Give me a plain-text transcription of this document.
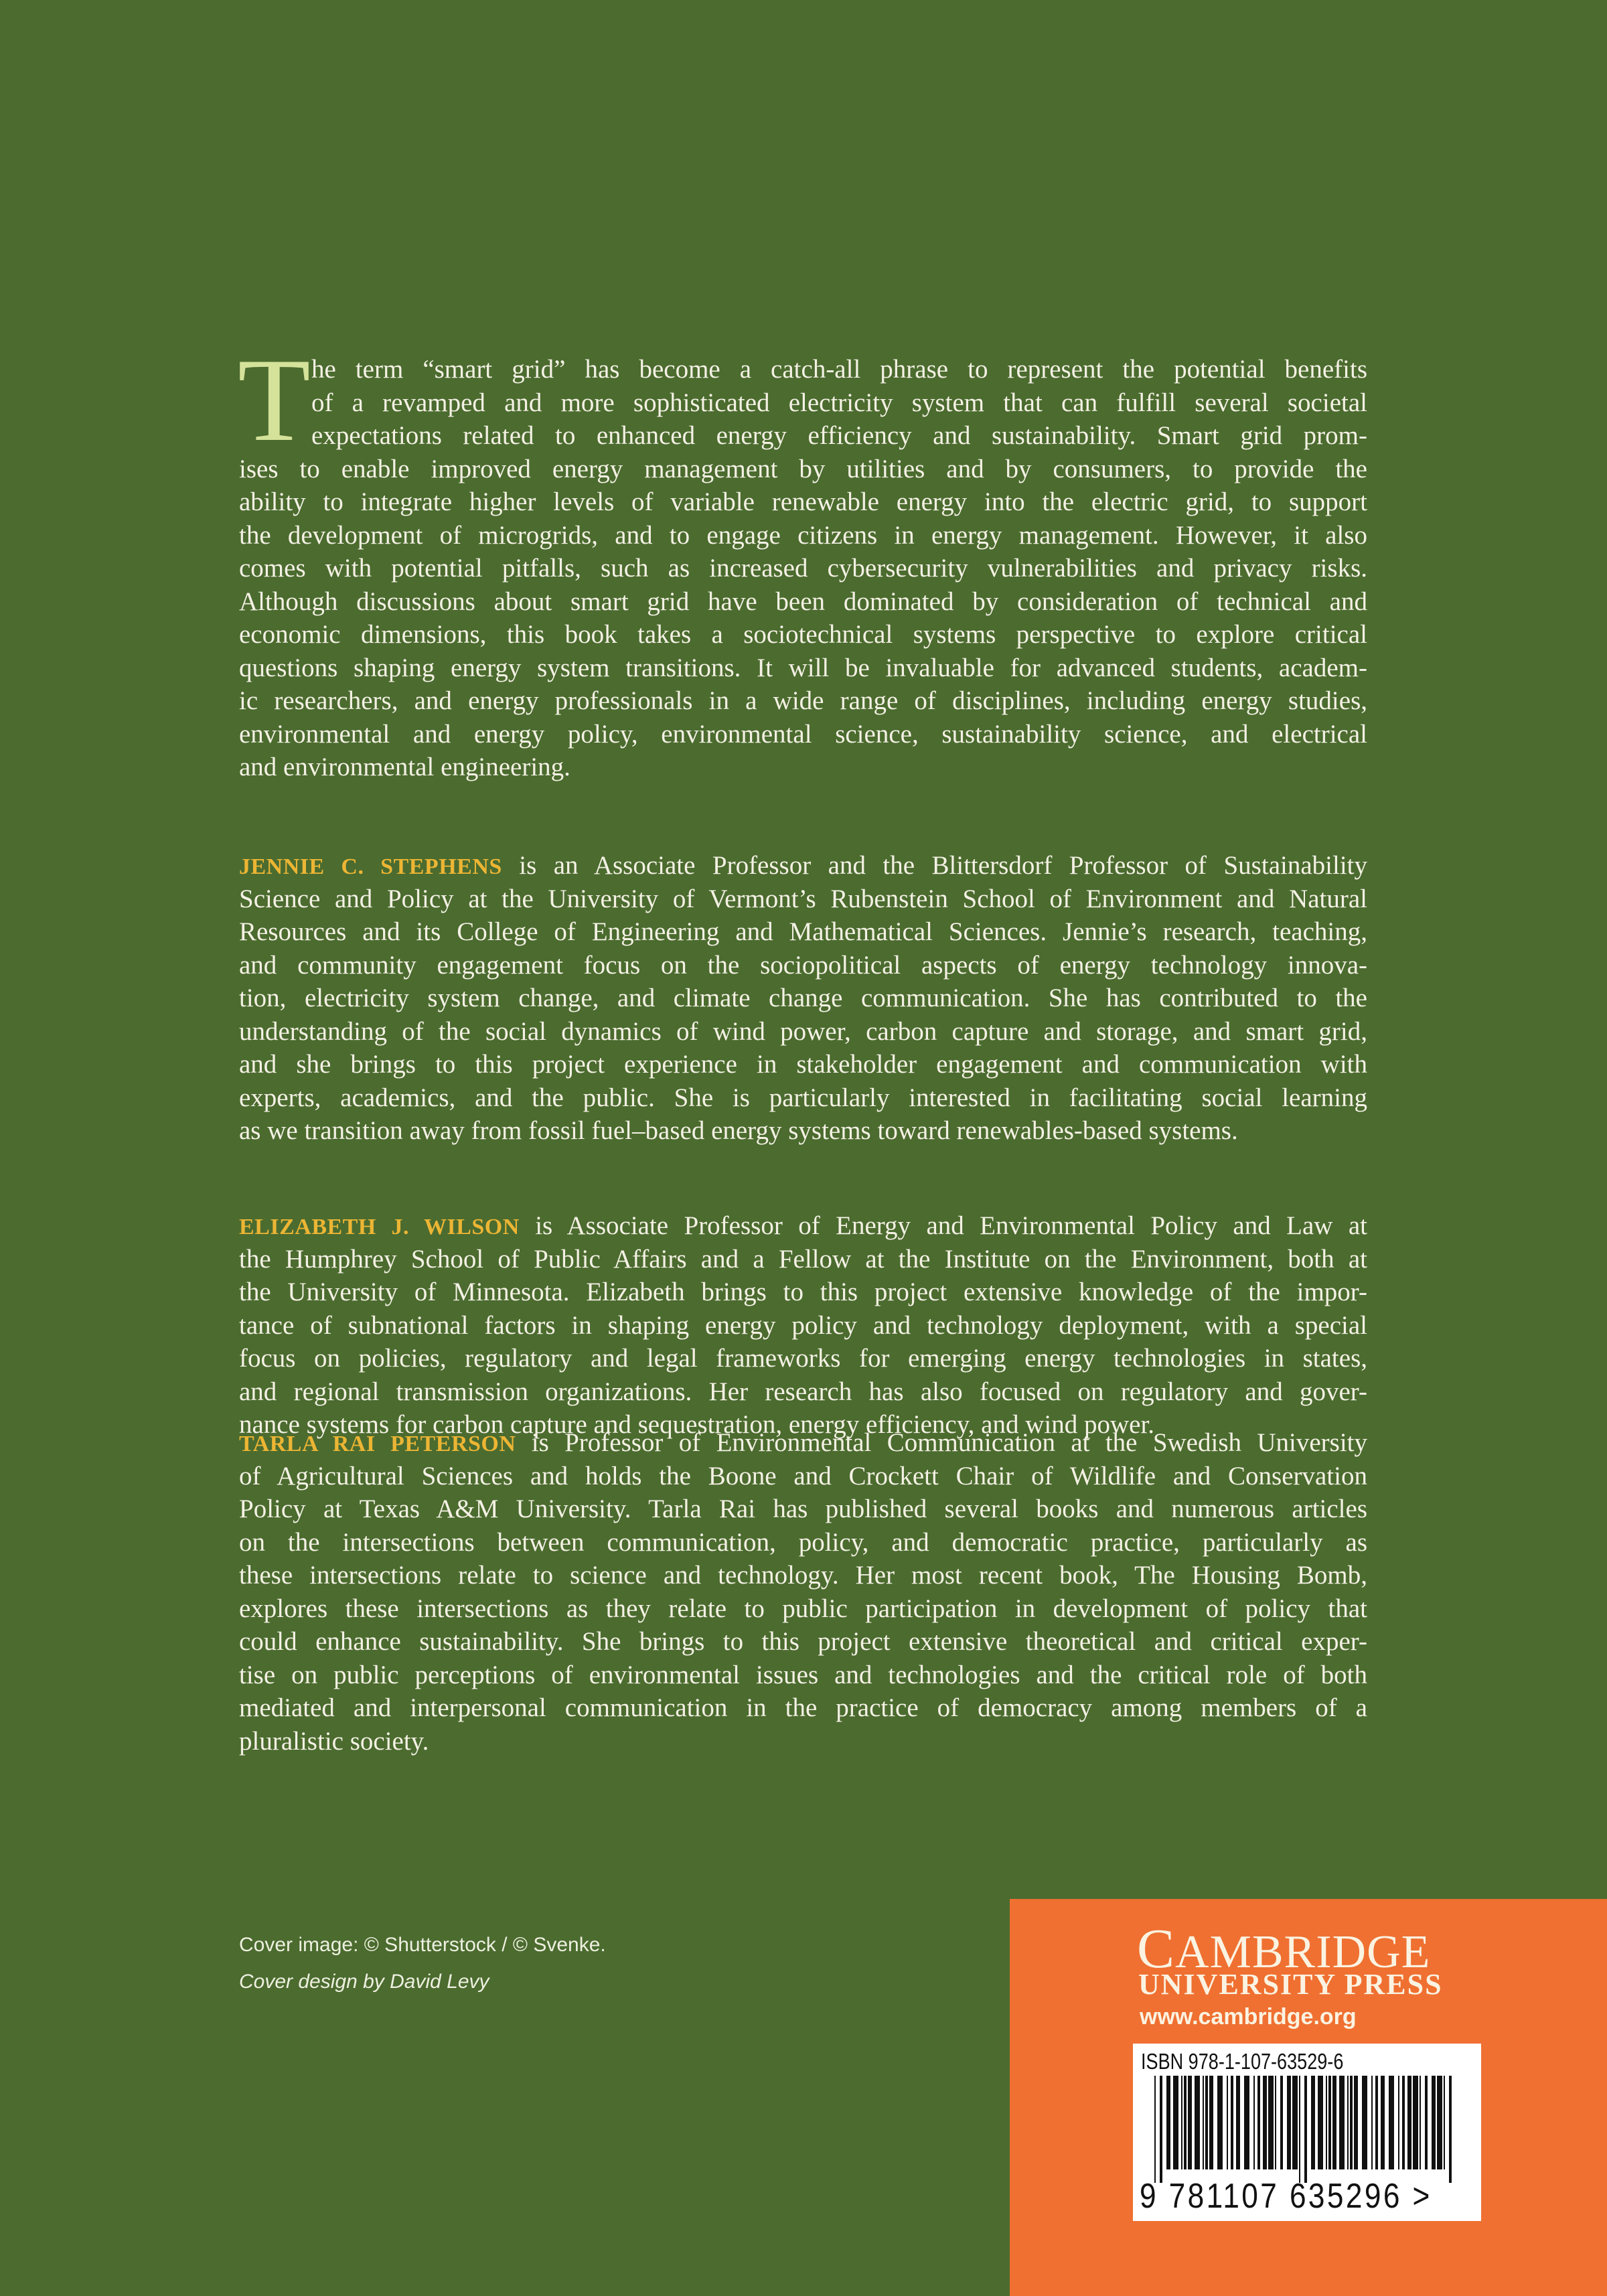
T he term “smart grid” has become a catch-all phrase to represent the potential benefits
of a revamped and more sophisticated electricity system that can fulfill several societal
expectations related to enhanced energy efficiency and sustainability. Smart grid prom-
ises to enable improved energy management by utilities and by consumers, to provide the
ability to integrate higher levels of variable renewable energy into the electric grid, to support
the development of microgrids, and to engage citizens in energy management. However, it also
comes with potential pitfalls, such as increased cybersecurity vulnerabilities and privacy risks.
Although discussions about smart grid have been dominated by consideration of technical and
economic dimensions, this book takes a sociotechnical systems perspective to explore critical
questions shaping energy system transitions. It will be invaluable for advanced students, academ-
ic researchers, and energy professionals in a wide range of disciplines, including energy studies,
environmental and energy policy, environmental science, sustainability science, and electrical
and environmental engineering.
JENNIE C. STEPHENS is an Associate Professor and the Blittersdorf Professor of Sustainability
Science and Policy at the University of Vermont’s Rubenstein School of Environment and Natural
Resources and its College of Engineering and Mathematical Sciences. Jennie’s research, teaching,
and community engagement focus on the sociopolitical aspects of energy technology innova-
tion, electricity system change, and climate change communication. She has contributed to the
understanding of the social dynamics of wind power, carbon capture and storage, and smart grid,
and she brings to this project experience in stakeholder engagement and communication with
experts, academics, and the public. She is particularly interested in facilitating social learning
as we transition away from fossil fuel–based energy systems toward renewables-based systems.
ELIZABETH J. WILSON is Associate Professor of Energy and Environmental Policy and Law at
the Humphrey School of Public Affairs and a Fellow at the Institute on the Environment, both at
the University of Minnesota. Elizabeth brings to this project extensive knowledge of the impor-
tance of subnational factors in shaping energy policy and technology deployment, with a special
focus on policies, regulatory and legal frameworks for emerging energy technologies in states,
and regional transmission organizations. Her research has also focused on regulatory and gover-
nance systems for carbon capture and sequestration, energy efficiency, and wind power.
TARLA RAI PETERSON is Professor of Environmental Communication at the Swedish University
of Agricultural Sciences and holds the Boone and Crockett Chair of Wildlife and Conservation
Policy at Texas A&M University. Tarla Rai has published several books and numerous articles
on the intersections between communication, policy, and democratic practice, particularly as
these intersections relate to science and technology. Her most recent book, The Housing Bomb,
explores these intersections as they relate to public participation in development of policy that
could enhance sustainability. She brings to this project extensive theoretical and critical exper-
tise on public perceptions of environmental issues and technologies and the critical role of both
mediated and interpersonal communication in the practice of democracy among members of a
pluralistic society.
Cover image: © Shutterstock / © Svenke.
Cover design by David Levy
CAMBRIDGE
UNIVERSITY PRESS
www.cambridge.org
ISBN 978-1-107-63529-6
9 781107 635296 >
